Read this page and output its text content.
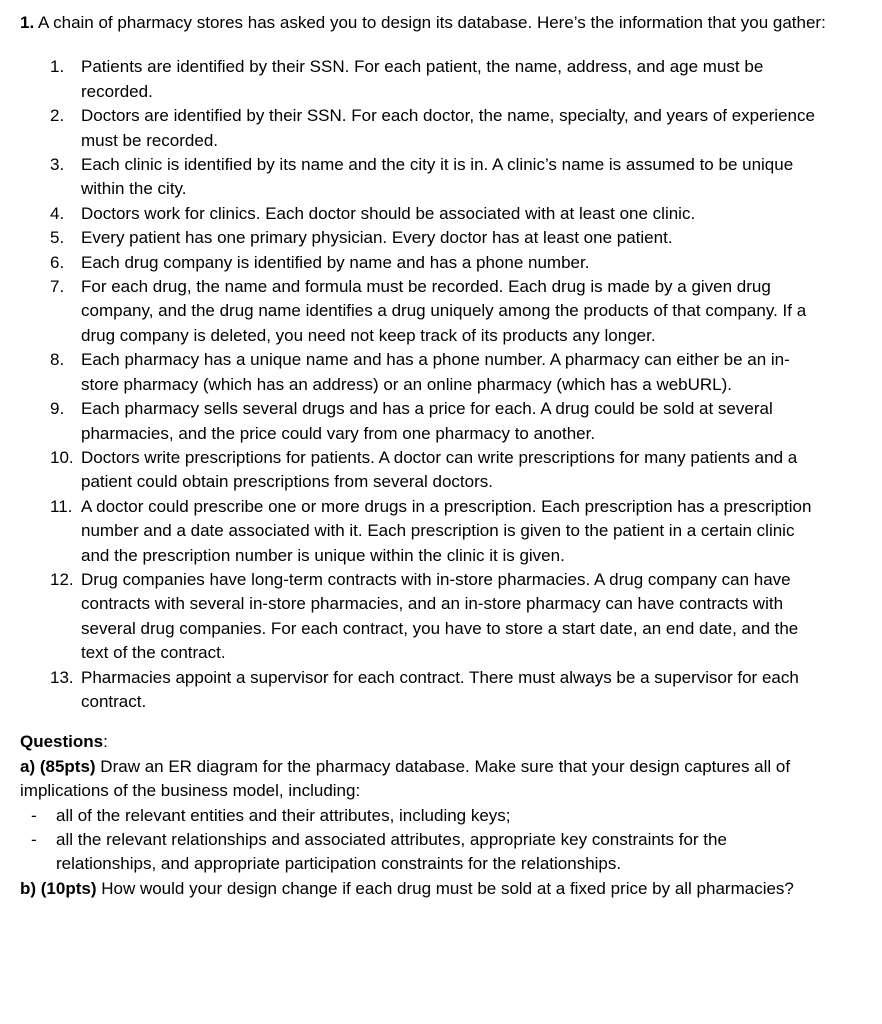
1. A chain of pharmacy stores has asked you to design its database. Here’s the information that you gather:

1. Patients are identified by their SSN. For each patient, the name, address, and age must be recorded.
2. Doctors are identified by their SSN. For each doctor, the name, specialty, and years of experience must be recorded.
3. Each clinic is identified by its name and the city it is in. A clinic’s name is assumed to be unique within the city.
4. Doctors work for clinics. Each doctor should be associated with at least one clinic.
5. Every patient has one primary physician. Every doctor has at least one patient.
6. Each drug company is identified by name and has a phone number.
7. For each drug, the name and formula must be recorded. Each drug is made by a given drug company, and the drug name identifies a drug uniquely among the products of that company. If a drug company is deleted, you need not keep track of its products any longer.
8. Each pharmacy has a unique name and has a phone number. A pharmacy can either be an in-store pharmacy (which has an address) or an online pharmacy (which has a webURL).
9. Each pharmacy sells several drugs and has a price for each. A drug could be sold at several pharmacies, and the price could vary from one pharmacy to another.
10. Doctors write prescriptions for patients. A doctor can write prescriptions for many patients and a patient could obtain prescriptions from several doctors.
11. A doctor could prescribe one or more drugs in a prescription. Each prescription has a prescription number and a date associated with it. Each prescription is given to the patient in a certain clinic and the prescription number is unique within the clinic it is given.
12. Drug companies have long-term contracts with in-store pharmacies. A drug company can have contracts with several in-store pharmacies, and an in-store pharmacy can have contracts with several drug companies. For each contract, you have to store a start date, an end date, and the text of the contract.
13. Pharmacies appoint a supervisor for each contract. There must always be a supervisor for each contract.

Questions:

a) (85pts) Draw an ER diagram for the pharmacy database. Make sure that your design captures all of implications of the business model, including:

- all of the relevant entities and their attributes, including keys;
- all the relevant relationships and associated attributes, appropriate key constraints for the relationships, and appropriate participation constraints for the relationships.

b) (10pts) How would your design change if each drug must be sold at a fixed price by all pharmacies?
